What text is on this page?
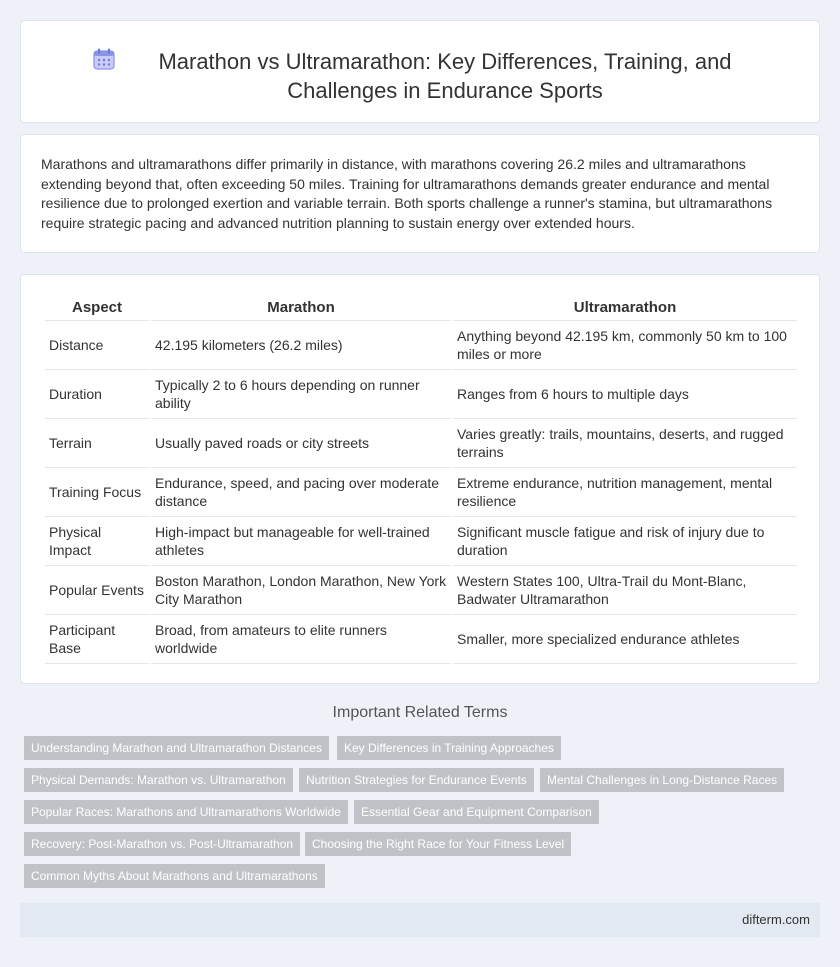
Marathon vs Ultramarathon: Key Differences, Training, and Challenges in Endurance Sports

Marathons and ultramarathons differ primarily in distance, with marathons covering 26.2 miles and ultramarathons extending beyond that, often exceeding 50 miles. Training for ultramarathons demands greater endurance and mental resilience due to prolonged exertion and variable terrain. Both sports challenge a runner's stamina, but ultramarathons require strategic pacing and advanced nutrition planning to sustain energy over extended hours.

Aspect	Marathon	Ultramarathon
Distance	42.195 kilometers (26.2 miles)	Anything beyond 42.195 km, commonly 50 km to 100 miles or more
Duration	Typically 2 to 6 hours depending on runner ability	Ranges from 6 hours to multiple days
Terrain	Usually paved roads or city streets	Varies greatly: trails, mountains, deserts, and rugged terrains
Training Focus	Endurance, speed, and pacing over moderate distance	Extreme endurance, nutrition management, mental resilience
Physical Impact	High-impact but manageable for well-trained athletes	Significant muscle fatigue and risk of injury due to duration
Popular Events	Boston Marathon, London Marathon, New York City Marathon	Western States 100, Ultra-Trail du Mont-Blanc, Badwater Ultramarathon
Participant Base	Broad, from amateurs to elite runners worldwide	Smaller, more specialized endurance athletes
Important Related Terms
Understanding Marathon and Ultramarathon Distances	Key Differences in Training Approaches
Physical Demands: Marathon vs. Ultramarathon	Nutrition Strategies for Endurance Events	Mental Challenges in Long-Distance Races
Popular Races: Marathons and Ultramarathons Worldwide	Essential Gear and Equipment Comparison
Recovery: Post-Marathon vs. Post-Ultramarathon	Choosing the Right Race for Your Fitness Level
Common Myths About Marathons and Ultramarathons
difterm.com
